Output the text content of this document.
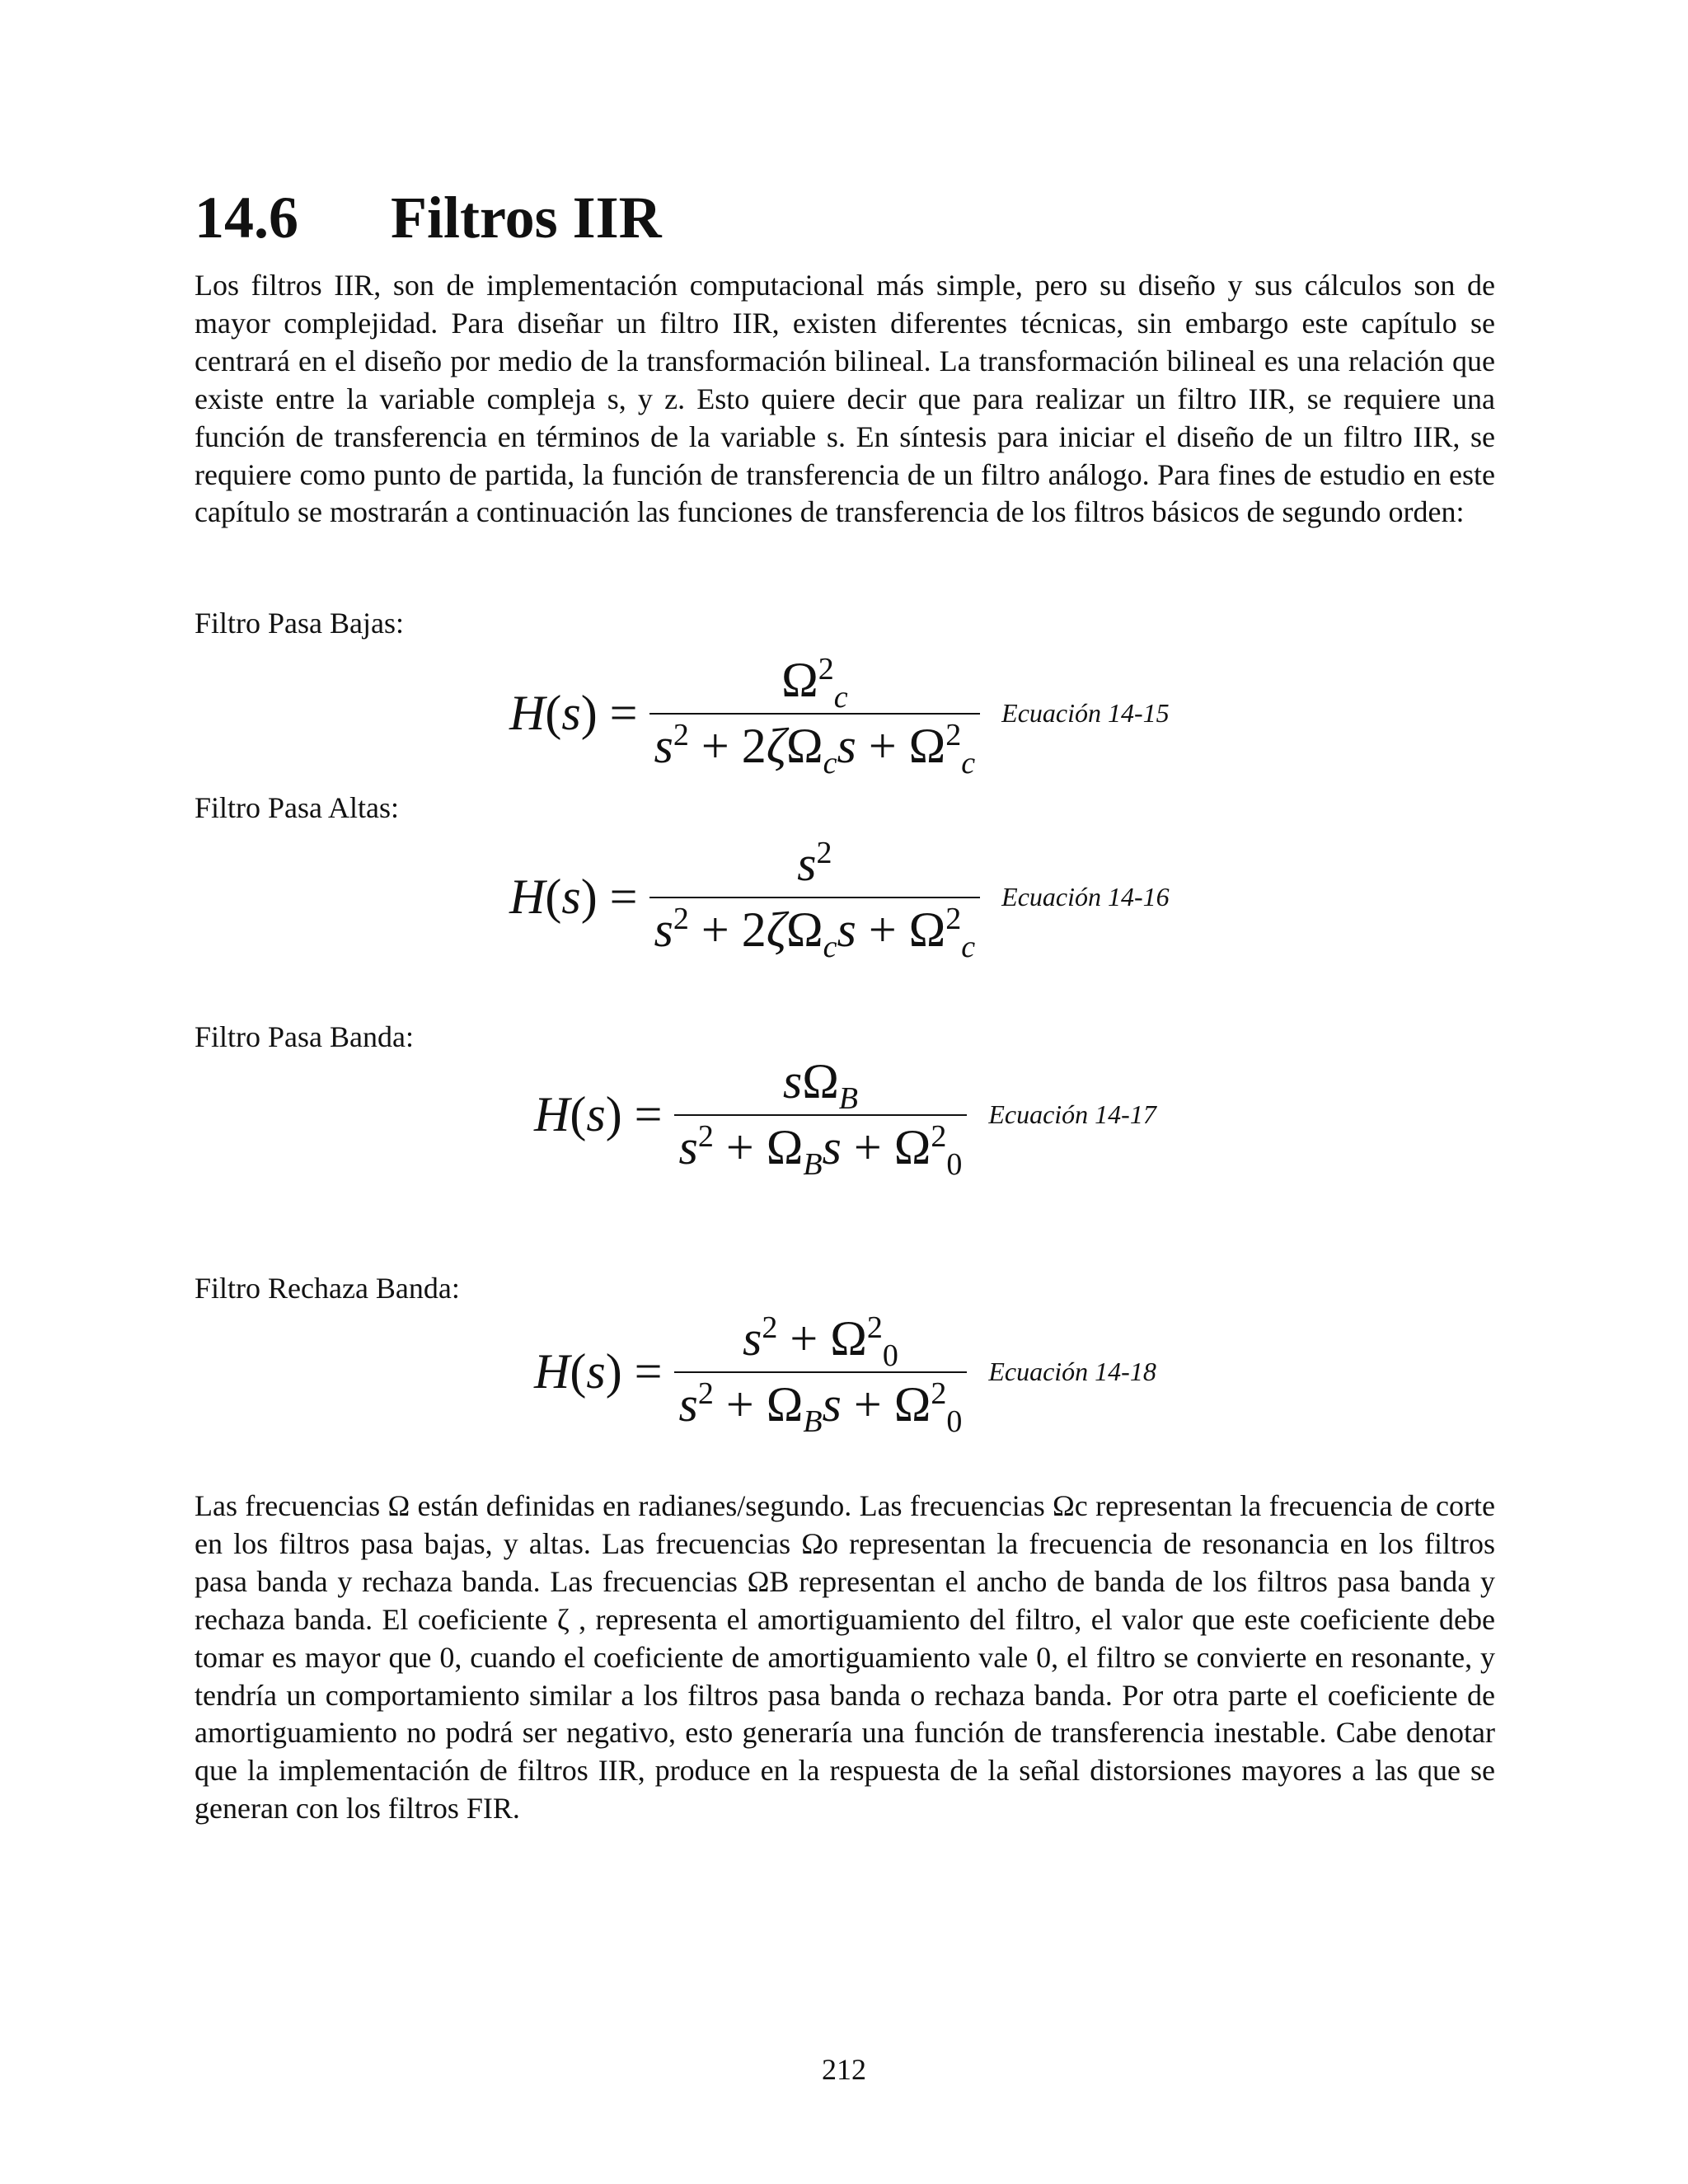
14.6 Filtros IIR

Los filtros IIR, son de implementación computacional más simple, pero su diseño y sus cálculos son de mayor complejidad. Para diseñar un filtro IIR, existen diferentes técnicas, sin embargo este capítulo se centrará en el diseño por medio de la transformación bilineal. La transformación bilineal es una relación que existe entre la variable compleja s, y z. Esto quiere decir que para realizar un filtro IIR, se requiere una función de transferencia en términos de la variable s. En síntesis para iniciar el diseño de un filtro IIR, se requiere como punto de partida, la función de transferencia de un filtro análogo. Para fines de estudio en este capítulo se mostrarán a continuación las funciones de transferencia de los filtros básicos de segundo orden:

Filtro Pasa Bajas:
$H(s) = \frac{\Omega^2_c}{s^2 + 2\zeta\Omega_cs + \Omega^2_c}$ Ecuación 14-15
Filtro Pasa Altas:
$H(s) = \frac{s^2}{s^2 + 2\zeta\Omega_cs + \Omega^2_c}$ Ecuación 14-16
Filtro Pasa Banda:
$H(s) = \frac{s\Omega_B}{s^2 + \Omega_Bs + \Omega^2_0}$ Ecuación 14-17
Filtro Rechaza Banda:
$H(s) = \frac{s^2 + \Omega^2_0}{s^2 + \Omega_Bs + \Omega^2_0}$ Ecuación 14-18

Las frecuencias Ω están definidas en radianes/segundo. Las frecuencias Ωc representan la frecuencia de corte en los filtros pasa bajas, y altas. Las frecuencias Ωo representan la frecuencia de resonancia en los filtros pasa banda y rechaza banda. Las frecuencias ΩB representan el ancho de banda de los filtros pasa banda y rechaza banda. El coeficiente ζ , representa el amortiguamiento del filtro, el valor que este coeficiente debe tomar es mayor que 0, cuando el coeficiente de amortiguamiento vale 0, el filtro se convierte en resonante, y tendría un comportamiento similar a los filtros pasa banda o rechaza banda. Por otra parte el coeficiente de amortiguamiento no podrá ser negativo, esto generaría una función de transferencia inestable. Cabe denotar que la implementación de filtros IIR, produce en la respuesta de la señal distorsiones mayores a las que se generan con los filtros FIR.

212
